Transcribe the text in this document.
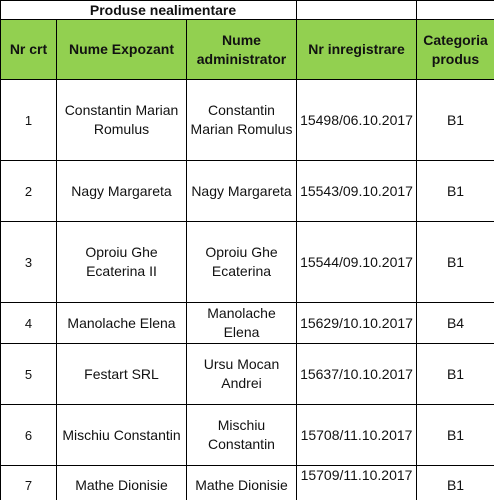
Produse nealimentare				
Nr crt	Nume Expozant	Nume administrator	Nr inregistrare	Categoria produs
1	Constantin Marian Romulus	Constantin Marian Romulus	15498/06.10.2017	B1
2	Nagy Margareta	Nagy Margareta	15543/09.10.2017	B1
3	Oproiu Ghe Ecaterina II	Oproiu Ghe Ecaterina	15544/09.10.2017	B1
4	Manolache Elena	Manolache Elena	15629/10.10.2017	B4
5	Festart SRL	Ursu Mocan Andrei	15637/10.10.2017	B1
6	Mischiu Constantin	Mischiu Constantin	15708/11.10.2017	B1
7	Mathe Dionisie	Mathe Dionisie	15709/11.10.2017	B1
